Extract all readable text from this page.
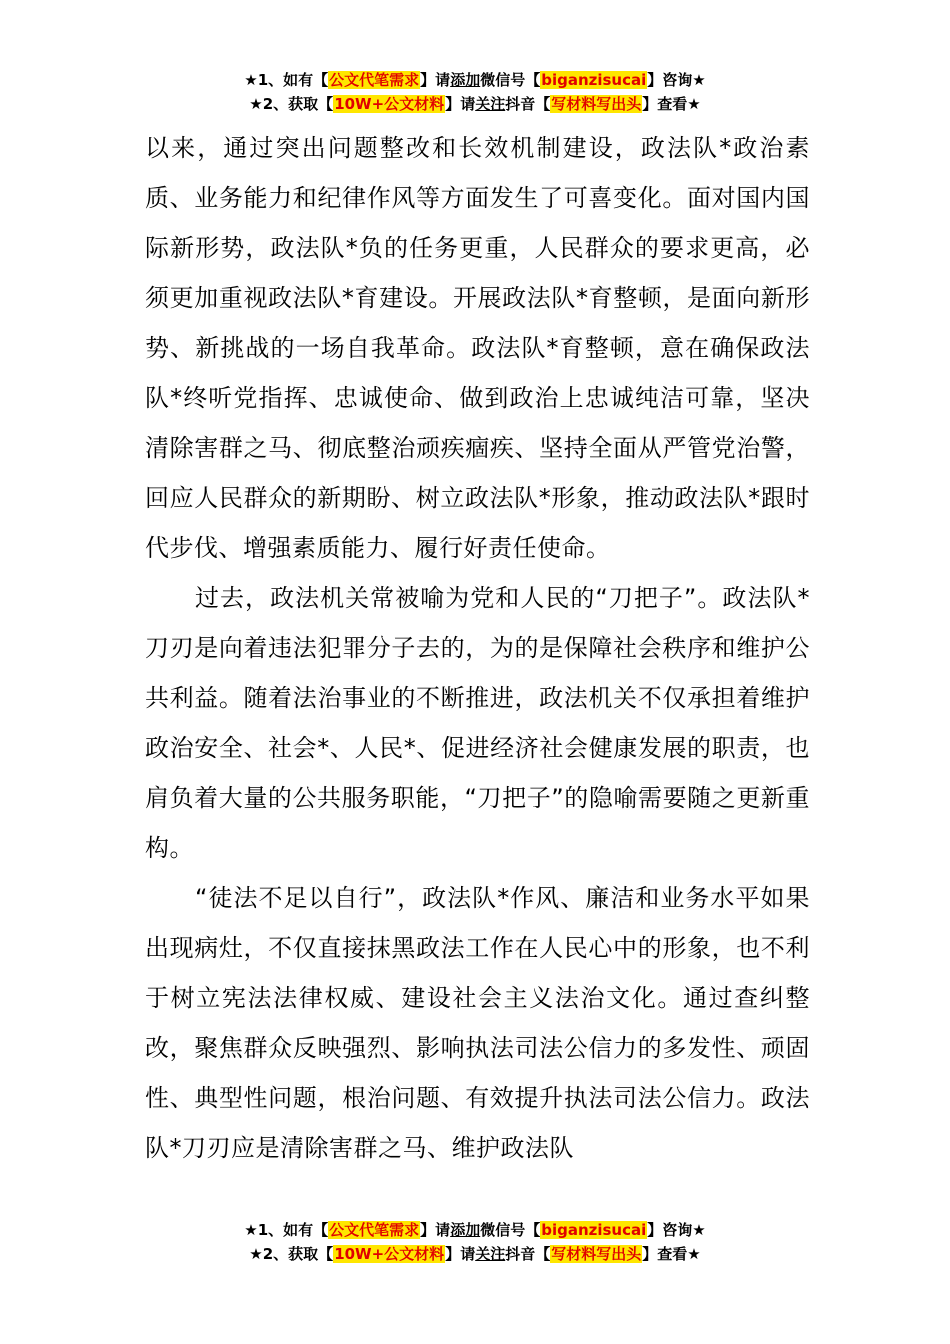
★1、如有【公文代笔需求】请添加微信号【biganzisucai】咨询★
★2、获取【10W+公文材料】请关注抖音【写材料写出头】查看★

以来，通过突出问题整改和长效机制建设，政法队*政治素质、业务能力和纪律作风等方面发生了可喜变化。面对国内国际新形势，政法队*负的任务更重，人民群众的要求更高，必须更加重视政法队*育建设。开展政法队*育整顿，是面向新形势、新挑战的一场自我革命。政法队*育整顿，意在确保政法队*终听党指挥、忠诚使命、做到政治上忠诚纯洁可靠，坚决清除害群之马、彻底整治顽疾痼疾、坚持全面从严管党治警，回应人民群众的新期盼、树立政法队*形象，推动政法队*跟时代步伐、增强素质能力、履行好责任使命。

过去，政法机关常被喻为党和人民的“刀把子”。政法队*刀刃是向着违法犯罪分子去的，为的是保障社会秩序和维护公共利益。随着法治事业的不断推进，政法机关不仅承担着维护政治安全、社会*、人民*、促进经济社会健康发展的职责，也肩负着大量的公共服务职能，“刀把子”的隐喻需要随之更新重构。

“徒法不足以自行”，政法队*作风、廉洁和业务水平如果出现病灶，不仅直接抹黑政法工作在人民心中的形象，也不利于树立宪法法律权威、建设社会主义法治文化。通过查纠整改，聚焦群众反映强烈、影响执法司法公信力的多发性、顽固性、典型性问题，根治问题、有效提升执法司法公信力。政法队*刀刃应是清除害群之马、维护政法队

★1、如有【公文代笔需求】请添加微信号【biganzisucai】咨询★
★2、获取【10W+公文材料】请关注抖音【写材料写出头】查看★
